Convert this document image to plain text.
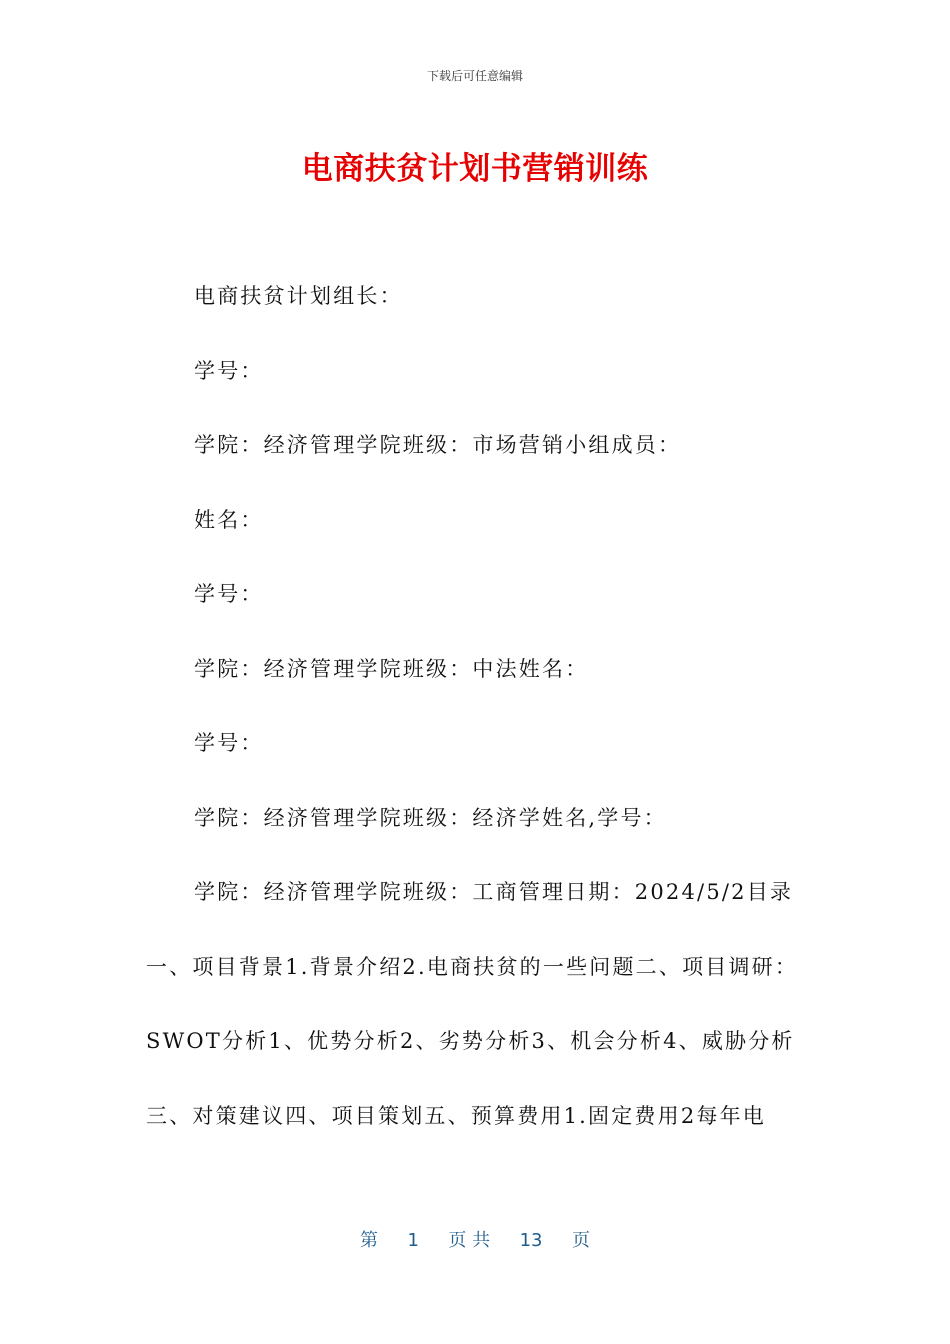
下载后可任意编辑
电商扶贫计划书营销训练
电商扶贫计划组长：
学号：
学院：经济管理学院班级：市场营销小组成员：
姓名：
学号：
学院：经济管理学院班级：中法姓名：
学号：
学院：经济管理学院班级：经济学姓名,学号：
学院：经济管理学院班级：工商管理日期：2024/5/2目录
一、项目背景1.背景介绍2.电商扶贫的一些问题二、项目调研：
SWOT分析1、优势分析2、劣势分析3、机会分析4、威胁分析
三、对策建议四、项目策划五、预算费用1.固定费用2每年电
第 1 页 共 13 页
